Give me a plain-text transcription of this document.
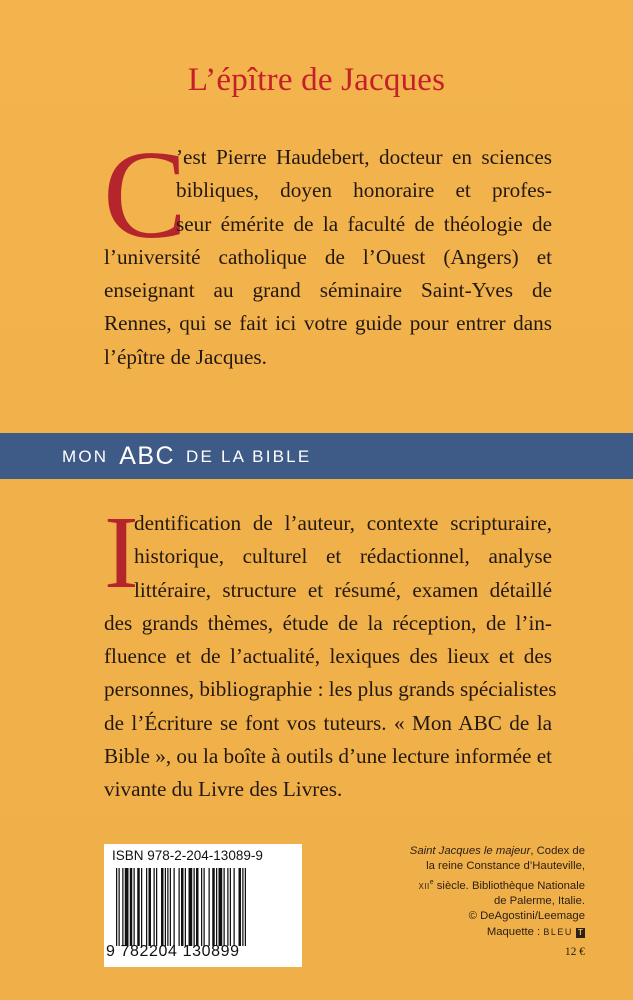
L’épître de Jacques
C
’est Pierre Haudebert, docteur en sciences
bibliques, doyen honoraire et profes-
seur émérite de la faculté de théologie de
l’université catholique de l’Ouest (Angers) et
enseignant au grand séminaire Saint-Yves de
Rennes, qui se fait ici votre guide pour entrer dans
l’épître de Jacques.
MON ABC DE LA BIBLE
I
dentification de l’auteur, contexte scripturaire,
historique, culturel et rédactionnel, analyse
littéraire, structure et résumé, examen détaillé
des grands thèmes, étude de la réception, de l’in-
fluence et de l’actualité, lexiques des lieux et des
personnes, bibliographie : les plus grands spécialistes
de l’Écriture se font vos tuteurs. « Mon ABC de la
Bible », ou la boîte à outils d’une lecture informée et
vivante du Livre des Livres.
ISBN 978-2-204-13089-9
9 782204 130899
Saint Jacques le majeur, Codex de
la reine Constance d’Hauteville,
XIIe siècle. Bibliothèque Nationale
de Palerme, Italie.
© DeAgostini/Leemage
Maquette : BLEU T
12 €
